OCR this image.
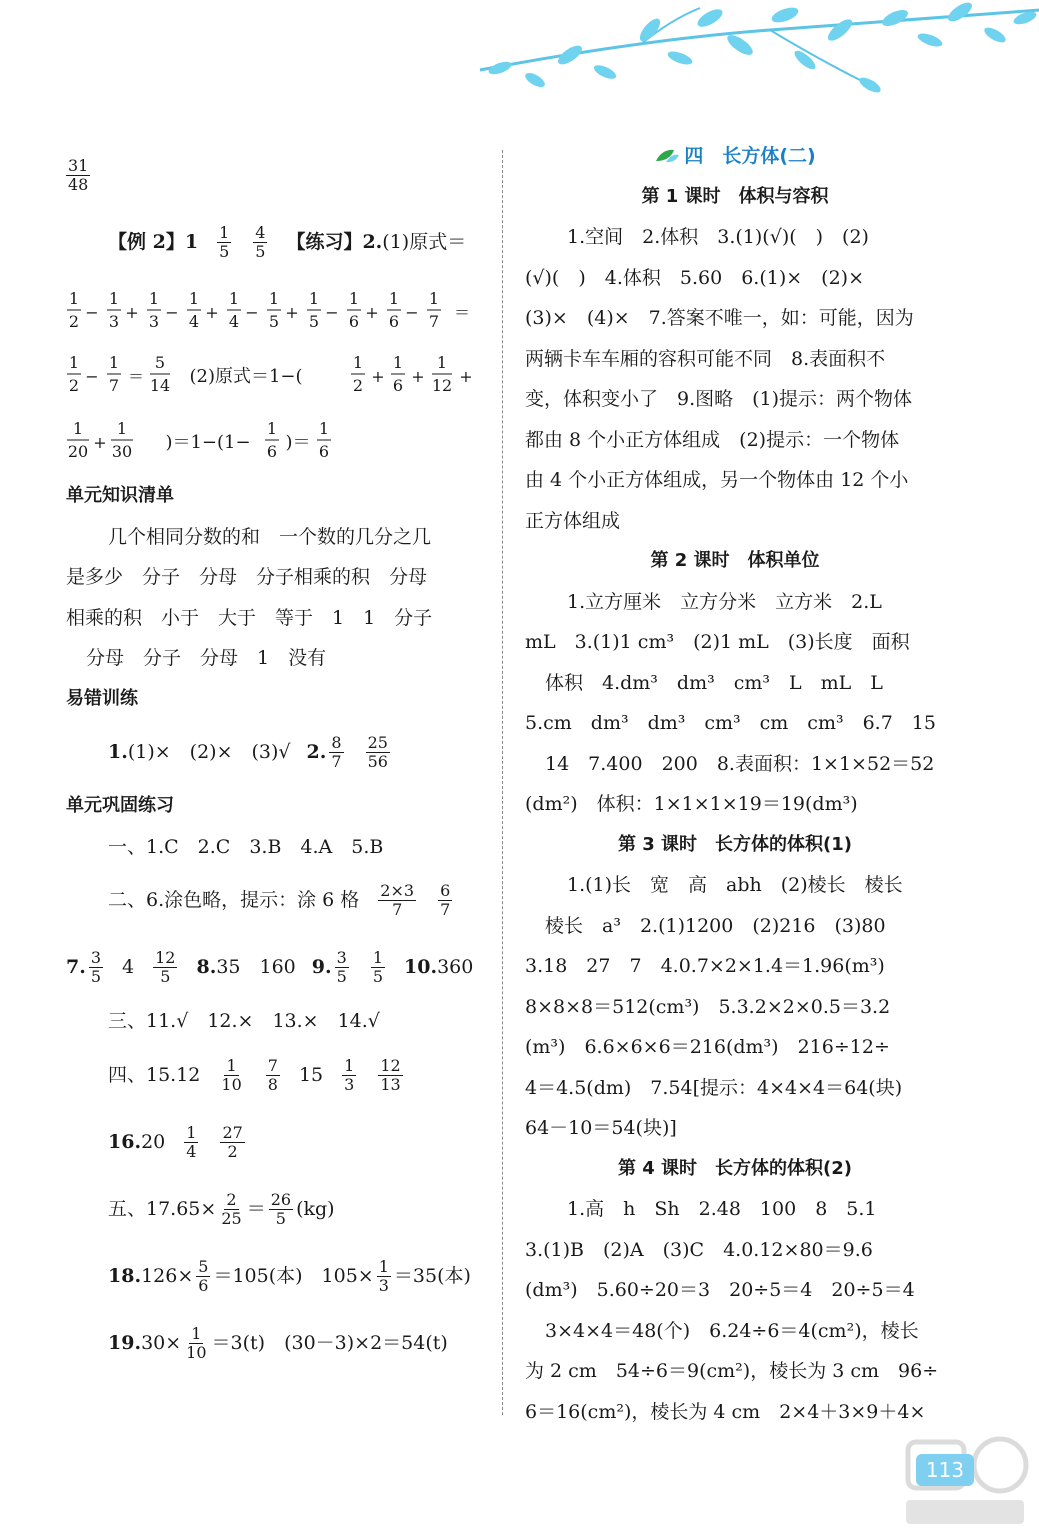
$\frac{31}{48}$
【例 2】$1 \frac{1}{5} \frac{4}{5}$ 【练习】 2. (1)原式＝
1
2 −
1
3 +
1
3 −
1
4 +
1
4 −
1
5 +
1
5 −
1
6 +
1
6 −
1
7 ＝
1
2 −
1
7 ＝
5
14 (2)原式＝1−(
1
2 +
1
6 +
1
12 +
1
20 +
1
30 )＝1−(1−
1
6 )＝
1
6
单元知识清单
几个相同分数的和　一个数的几分之几
是多少　分子　分母　分子相乘的积　分母
相乘的积　小于　大于　等于　1　1　分子
分母　分子　分母　1　没有
易错训练
1. (1)×　(2)×　(3)√ 2. $\frac{8}{7} \frac{25}{56}$
单元巩固练习
一、1.C　2.C　3.B　4.A　5.B
二、6.涂色略，提示：涂 6 格 $\frac{2\times 3}{7} \frac{6}{7}$
7. $\frac{3}{5} 4 \frac{12}{5} 8$. 35　160 9. $\frac{3}{5} \frac{1}{5} 10$. 360
三、11.√　12.×　13.×　14.√
四、15. $12 \frac{1}{10} \frac{7}{8} 15 \frac{1}{3} \frac{12}{13}$
16. $20 \frac{1}{4} \frac{27}{2}$
五、17. $65\times \frac{2}{25} = \frac{26}{5} (kg)$
18. $126\times \frac{5}{6} =105$(本)　$105\times \frac{1}{3} =35$(本)
19. $30\times \frac{1}{10} =3(t)$　(30－3)×2＝54(t)
四　长方体(二)
第 1 课时　体积与容积
1.空间　2.体积　3.(1)(√)(　)　(2)
(√)(　)　4.体积　5.60　6.(1)×　(2)×
(3)×　(4)×　7.答案不唯一，如：可能，因为
两辆卡车车厢的容积可能不同　8.表面积不
变，体积变小了　9.图略　(1)提示：两个物体
都由 8 个小正方体组成　(2)提示：一个物体
由 4 个小正方体组成，另一个物体由 12 个小
正方体组成
第 2 课时　体积单位
1.立方厘米　立方分米　立方米　2.L
mL　3.(1)1 cm³　(2)1 mL　(3)长度　面积
体积　4.dm³　dm³　cm³　L　mL　L
5.cm　dm³　dm³　cm³　cm　cm³　6.7　15
14　7.400　200　8.表面积：1×1×52＝52
(dm²)　体积：1×1×1×19＝19(dm³)
第 3 课时　长方体的体积(1)
1.(1)长　宽　高　abh　(2)棱长　棱长
棱长　a³　2.(1)1200　(2)216　(3)80
3.18　27　7　4.0.7×2×1.4＝1.96(m³)
8×8×8＝512(cm³)　5.3.2×2×0.5＝3.2
(m³)　6.6×6×6＝216(dm³)　216÷12÷
4＝4.5(dm)　7.54[提示：4×4×4＝64(块)
64－10＝54(块)]
第 4 课时　长方体的体积(2)
1.高　h　Sh　2.48　100　8　5.1
3.(1)B　(2)A　(3)C　4.0.12×80＝9.6
(dm³)　5.60÷20＝3　20÷5＝4　20÷5＝4
3×4×4＝48(个)　6.24÷6＝4(cm²)，棱长
为 2 cm　54÷6＝9(cm²)，棱长为 3 cm　96÷
6＝16(cm²)，棱长为 4 cm　2×4＋3×9＋4×
113
